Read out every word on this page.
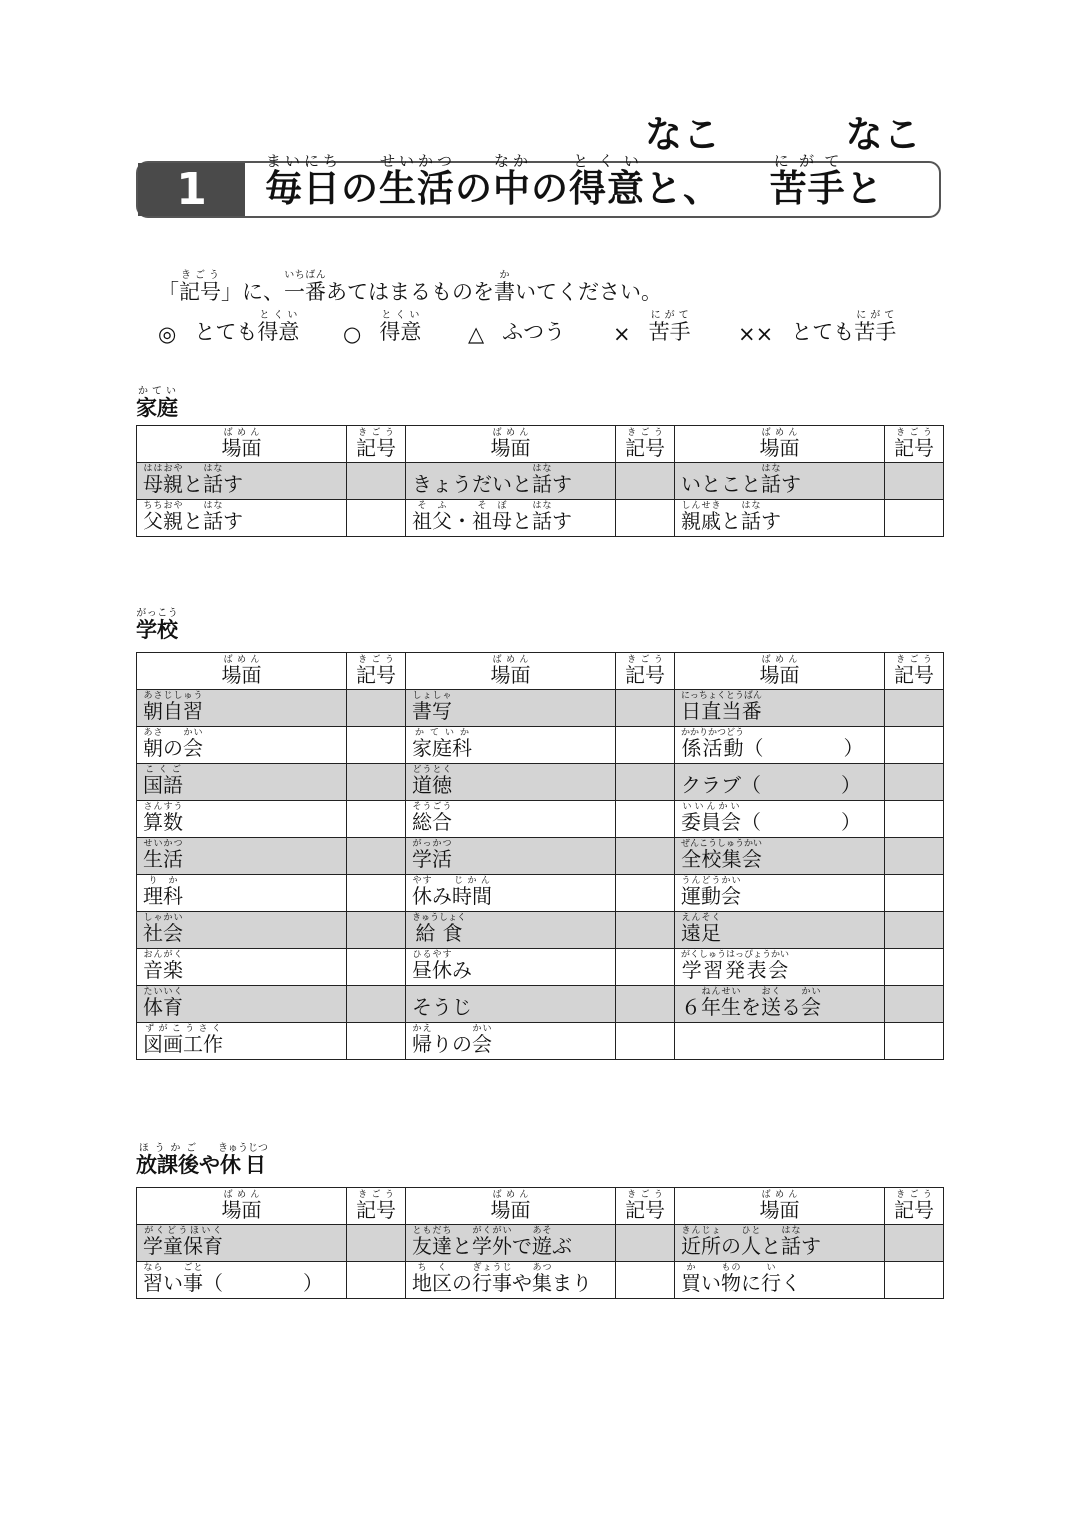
1	毎日まいにち
の 生活せいかつ
の 中なか
の 得意とくい
なこと、 苦手にがて
なこと
「記号きごう」に、一番いちばんあてはまるものを書かいてください。
◎ とても得意とくい
○ 得意とくい
△ ふつう × 苦手にがて
×× とても苦手にがて
家庭かてい
場面ばめん	記号きごう	場面ばめん	記号きごう	場面ばめん	記号きごう
母親ははおやと話はなす		きょうだいと話はなす		いとこと話はなす	
父親ちちおやと話はなす		祖父そふ・祖母そぼと話はなす		親戚しんせきと話はなす	
学校がっこう
場面ばめん	記号きごう	場面ばめん	記号きごう	場面ばめん	記号きごう
朝自習あさじしゅう		書写しょしゃ		日直当番にっちょくとうばん		
朝あさの会かい		家庭科かていか		係活動かかりかつどう（　　　　）	
国語こくご		道徳どうとく		クラブ（　　　　）	
算数さんすう		総合そうごう		委員会いいんかい（　　　　）	
生活せいかつ		学活がっかつ		全校集会ぜんこうしゅうかい		
理科りか		休やすみ時間じかん		運動会うんどうかい		
社会しゃかい		給食きゅうしょく		遠足えんそく		
音楽おんがく		昼休ひるやすみ		学習発表会がくしゅうはっぴょうかい		
体育たいいく		そうじ		６年生ねんせいを送おくる会かい		
図画工作ずがこうさく		帰かえりの会かい						
放課後ほうかごや休日きゅうじつ
場面ばめん	記号きごう	場面ばめん	記号きごう	場面ばめん	記号きごう
学童保育がくどうほいく		友達ともだちと学外がくがいで遊あそぶ		近所きんじょの人ひとと話はなす	
習ならい事ごと（　　　　）		地区ちくの行事ぎょうじや集あつまり		買かい物ものに行いく	
